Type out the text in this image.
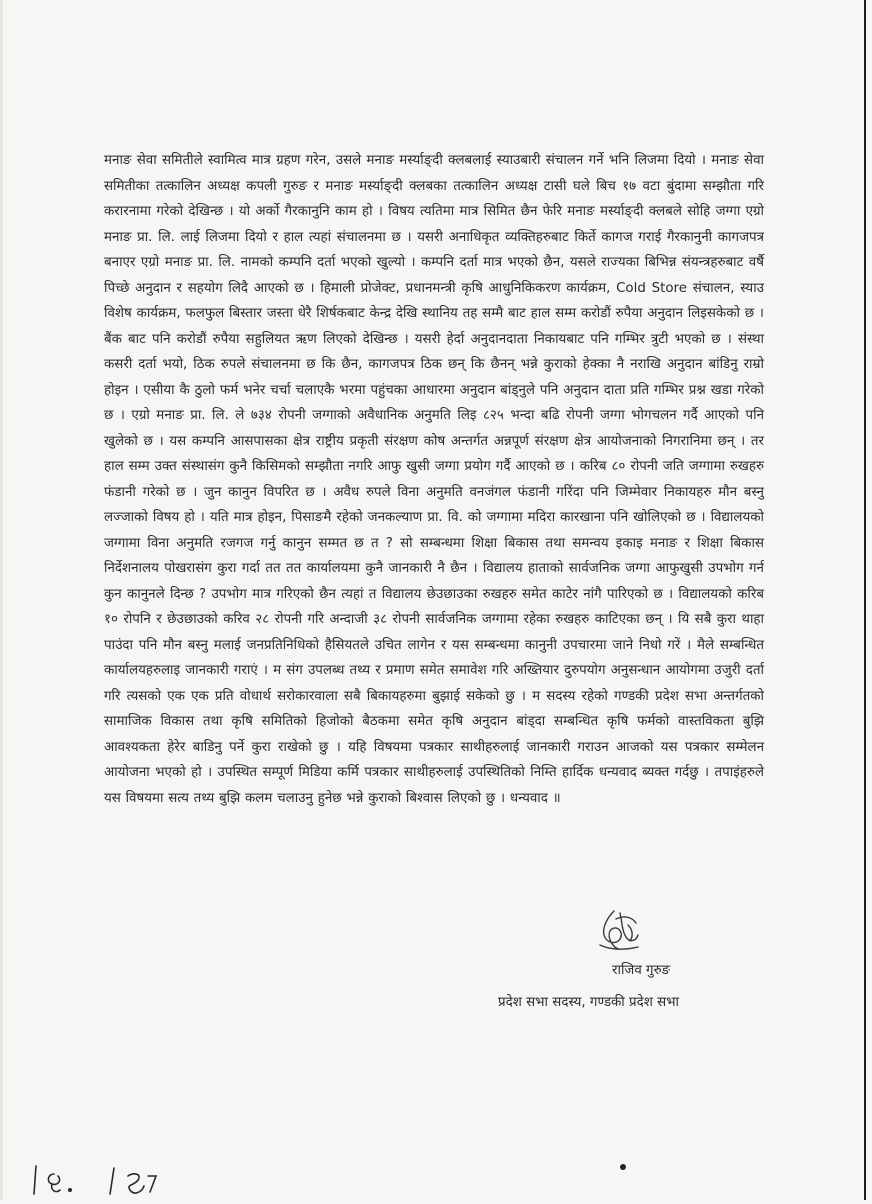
मनाङ सेवा समितीले स्वामित्व मात्र ग्रहण गरेन, उसले मनाङ मर्स्याङ्दी क्लबलाई स्याउबारी संचालन गर्ने भनि लिजमा दियो । मनाङ सेवा समितीका तत्कालिन अध्यक्ष कपली गुरुङ र मनाङ मर्स्याङ्दी क्लबका तत्कालिन अध्यक्ष टासी घले बिच १७ वटा बुंदामा सम्झौता गरि करारनामा गरेको देखिन्छ । यो अर्को गैरकानुनि काम हो । विषय त्यतिमा मात्र सिमित छैन फेरि मनाङ मर्स्याङ्दी क्लबले सोहि जग्गा एग्रो मनाङ प्रा. लि. लाई लिजमा दियो र हाल त्यहां संचालनमा छ । यसरी अनाधिकृत व्यक्तिहरुबाट किर्ते कागज गराई गैरकानुनी कागजपत्र बनाएर एग्रो मनाङ प्रा. लि. नामको कम्पनि दर्ता भएको खुल्यो । कम्पनि दर्ता मात्र भएको छैन, यसले राज्यका बिभिन्न संयन्त्रहरुबाट वर्षै पिच्छे अनुदान र सहयोग लिदै आएको छ । हिमाली प्रोजेक्ट, प्रधानमन्त्री कृषि आधुनिकिकरण कार्यक्रम, Cold Store संचालन, स्याउ विशेष कार्यक्रम, फलफुल बिस्तार जस्ता धेरै शिर्षकबाट केन्द्र देखि स्थानिय तह सम्मै बाट हाल सम्म करोडौं रुपैया अनुदान लिइसकेको छ । बैंक बाट पनि करोडौं रुपैया सहुलियत ऋण लिएको देखिन्छ । यसरी हेर्दा अनुदानदाता निकायबाट पनि गम्भिर त्रुटी भएको छ । संस्था कसरी दर्ता भयो, ठिक रुपले संचालनमा छ कि छैन, कागजपत्र ठिक छन् कि छैनन् भन्ने कुराको हेक्का नै नराखि अनुदान बांडिनु राम्रो होइन । एसीया कै ठुलो फर्म भनेर चर्चा चलाएकै भरमा पहुंचका आधारमा अनुदान बांड्नुले पनि अनुदान दाता प्रति गम्भिर प्रश्न खडा गरेको छ । एग्रो मनाङ प्रा. लि. ले ७३४ रोपनी जग्गाको अवैधानिक अनुमति लिइ ८२५ भन्दा बढि रोपनी जग्गा भोगचलन गर्दै आएको पनि खुलेको छ । यस कम्पनि आसपासका क्षेत्र राष्ट्रीय प्रकृती संरक्षण कोष अन्तर्गत अन्नपूर्ण संरक्षण क्षेत्र आयोजनाको निगरानिमा छन् । तर हाल सम्म उक्त संस्थासंग कुनै किसिमको सम्झौता नगरि आफु खुसी जग्गा प्रयोग गर्दै आएको छ । करिब ८० रोपनी जति जग्गामा रुखहरु फंडानी गरेको छ । जुन कानुन विपरित छ । अवैध रुपले विना अनुमति वनजंगल फंडानी गरिंदा पनि जिम्मेवार निकायहरु मौन बस्नु लज्जाको विषय हो । यति मात्र होइन, पिसाङमै रहेको जनकल्याण प्रा. वि. को जग्गामा मदिरा कारखाना पनि खोलिएको छ । विद्यालयको जग्गामा विना अनुमति रजगज गर्नु कानुन सम्मत छ त ? सो सम्बन्धमा शिक्षा बिकास तथा समन्वय इकाइ मनाङ र शिक्षा बिकास निर्देशनालय पोखरासंग कुरा गर्दा तत तत कार्यालयमा कुनै जानकारी नै छैन । विद्यालय हाताको सार्वजनिक जग्गा आफुखुसी उपभोग गर्न कुन कानुनले दिन्छ ? उपभोग मात्र गरिएको छैन त्यहां त विद्यालय छेउछाउका रुखहरु समेत काटेर नांगै पारिएको छ । विद्यालयको करिब १० रोपनि र छेउछाउको करिव २८ रोपनी गरि अन्दाजी ३८ रोपनी सार्वजनिक जग्गामा रहेका रुखहरु काटिएका छन् । यि सबै कुरा थाहा पाउंदा पनि मौन बस्नु मलाई जनप्रतिनिधिको हैसियतले उचित लागेन र यस सम्बन्धमा कानुनी उपचारमा जाने निधो गरें । मैले सम्बन्धित कार्यालयहरुलाइ जानकारी गराएं । म संग उपलब्ध तथ्य र प्रमाण समेत समावेश गरि अख्तियार दुरुपयोग अनुसन्धान आयोगमा उजुरी दर्ता गरि त्यसको एक एक प्रति वोधार्थ सरोकारवाला सबै बिकायहरुमा बुझाई सकेको छु । म सदस्य रहेको गण्डकी प्रदेश सभा अन्तर्गतको सामाजिक विकास तथा कृषि समितिको हिजोको बैठकमा समेत कृषि अनुदान बांड्दा सम्बन्धित कृषि फर्मको वास्तविकता बुझि आवश्यकता हेरेर बाडिनु पर्ने कुरा राखेको छु । यहि विषयमा पत्रकार साथीहरुलाई जानकारी गराउन आजको यस पत्रकार सम्मेलन आयोजना भएको हो । उपस्थित सम्पूर्ण मिडिया कर्मि पत्रकार साथीहरुलाई उपस्थितिको निम्ति हार्दिक धन्यवाद ब्यक्त गर्दछु । तपाइंहरुले यस विषयमा सत्य तथ्य बुझि कलम चलाउनु हुनेछ भन्ने कुराको बिश्वास लिएको छु । धन्यवाद ॥

राजिव गुरुङ
प्रदेश सभा सदस्य, गण्डकी प्रदेश सभा
